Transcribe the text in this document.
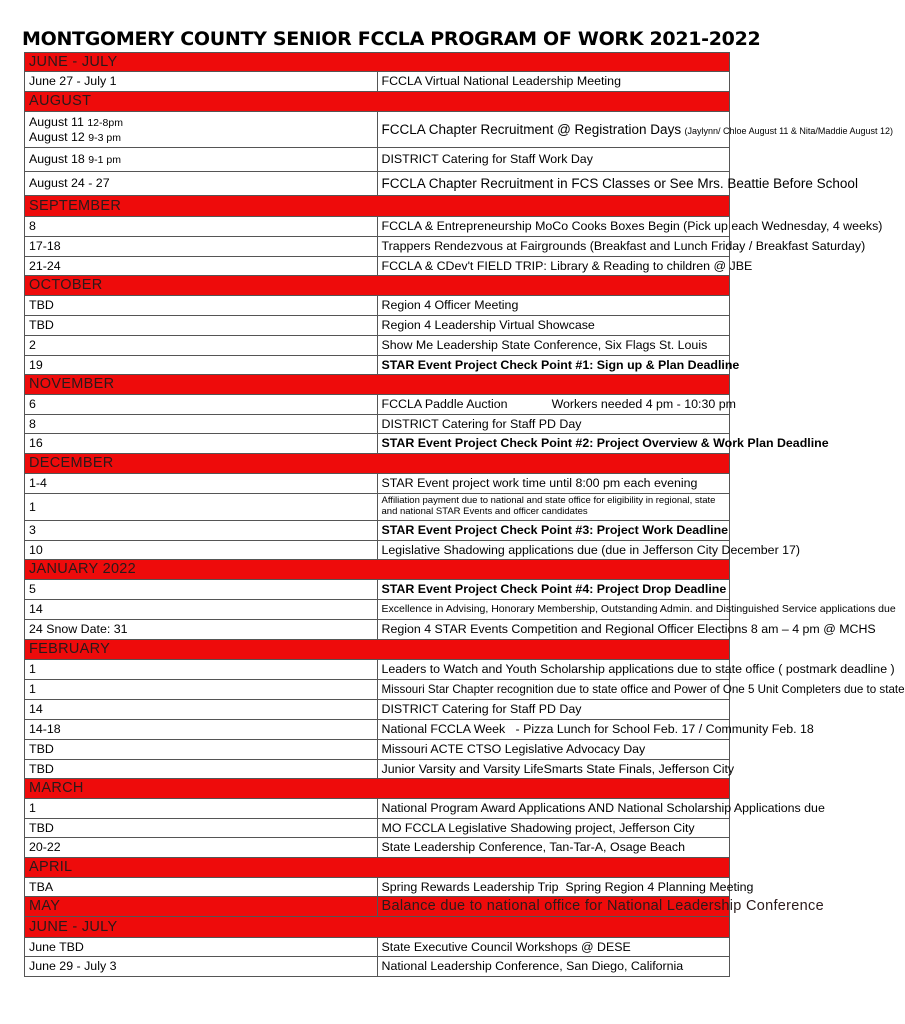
MONTGOMERY COUNTY SENIOR FCCLA PROGRAM OF WORK 2021-2022
JUNE - JULY	
June 27 - July 1	FCCLA Virtual National Leadership Meeting
AUGUST	

August 11 12-8pm
August 12 9-3 pm	FCCLA Chapter Recruitment @ Registration Days (Jaylynn/ Chloe August 11 & Nita/Maddie August 12)
August 18 9-1 pm	DISTRICT Catering for Staff Work Day
August 24 - 27	FCCLA Chapter Recruitment in FCS Classes or See Mrs. Beattie Before School
SEPTEMBER	
8	FCCLA & Entrepreneurship MoCo Cooks Boxes Begin (Pick up each Wednesday, 4 weeks)
17-18	Trappers Rendezvous at Fairgrounds (Breakfast and Lunch Friday / Breakfast Saturday)
21-24	FCCLA & CDev't FIELD TRIP: Library & Reading to children @ JBE
OCTOBER	
TBD	Region 4 Officer Meeting
TBD	Region 4 Leadership Virtual Showcase
2	Show Me Leadership State Conference, Six Flags St. Louis
19	STAR Event Project Check Point #1: Sign up & Plan Deadline
NOVEMBER	
6	FCCLA Paddle Auction Workers needed 4 pm - 10:30 pm
8	DISTRICT Catering for Staff PD Day
16	STAR Event Project Check Point #2: Project Overview & Work Plan Deadline
DECEMBER	
1-4	STAR Event project work time until 8:00 pm each evening
1	Affiliation payment due to national and state office for eligibility in regional, state and national STAR Events and officer candidates
3	STAR Event Project Check Point #3: Project Work Deadline
10	Legislative Shadowing applications due (due in Jefferson City December 17)
JANUARY 2022	
5	STAR Event Project Check Point #4: Project Drop Deadline
14	Excellence in Advising, Honorary Membership, Outstanding Admin. and Distinguished Service applications due
24 Snow Date: 31	Region 4 STAR Events Competition and Regional Officer Elections 8 am – 4 pm @ MCHS
FEBRUARY	
1	Leaders to Watch and Youth Scholarship applications due to state office ( postmark deadline )
1	Missouri Star Chapter recognition due to state office and Power of One 5 Unit Completers due to state
14	DISTRICT Catering for Staff PD Day
14-18	National FCCLA Week   - Pizza Lunch for School Feb. 17 / Community Feb. 18
TBD	Missouri ACTE CTSO Legislative Advocacy Day
TBD	Junior Varsity and Varsity LifeSmarts State Finals, Jefferson City
MARCH	
1	National Program Award Applications AND National Scholarship Applications due
TBD	MO FCCLA Legislative Shadowing project, Jefferson City
20-22	State Leadership Conference, Tan-Tar-A, Osage Beach
APRIL	
TBA	Spring Rewards Leadership Trip  Spring Region 4 Planning Meeting
MAY	Balance due to national office for National Leadership Conference
JUNE - JULY	
June TBD	State Executive Council Workshops @ DESE
June 29 - July 3	National Leadership Conference, San Diego, California
